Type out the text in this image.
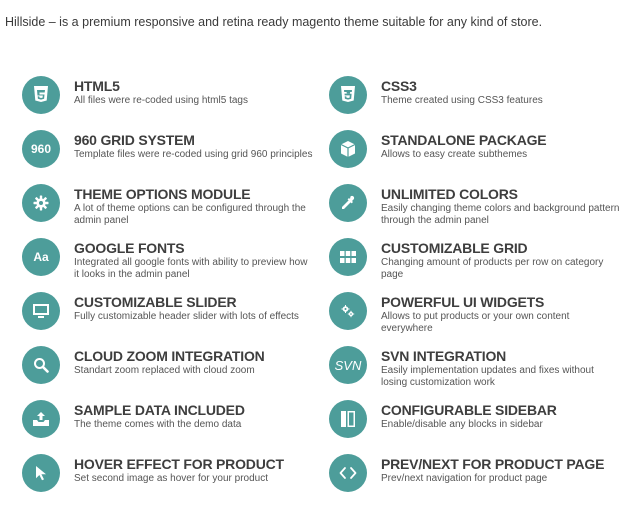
Hillside – is a premium responsive and retina ready magento theme suitable for any kind of store.
HTML5
All files were re-coded using html5 tags
CSS3
Theme created using CSS3 features
960
960 GRID SYSTEM
Template files were re-coded using grid 960 principles
STANDALONE PACKAGE
Allows to easy create subthemes
THEME OPTIONS MODULE
A lot of theme options can be configured through the admin panel
UNLIMITED COLORS
Easily changing theme colors and background pattern through the admin panel
Aa
GOOGLE FONTS
Integrated all google fonts with ability to preview how it looks in the admin panel
CUSTOMIZABLE GRID
Changing amount of products per row on category page
CUSTOMIZABLE SLIDER
Fully customizable header slider with lots of effects
POWERFUL UI WIDGETS
Allows to put products or your own content everywhere
CLOUD ZOOM INTEGRATION
Standart zoom replaced with cloud zoom	SVN
SVN INTEGRATION
Easily implementation updates and fixes without losing customization work
SAMPLE DATA INCLUDED
The theme comes with the demo data
CONFIGURABLE SIDEBAR
Enable/disable any blocks in sidebar
HOVER EFFECT FOR PRODUCT
Set second image as hover for your product
PREV/NEXT FOR PRODUCT PAGE
Prev/next navigation for product page
